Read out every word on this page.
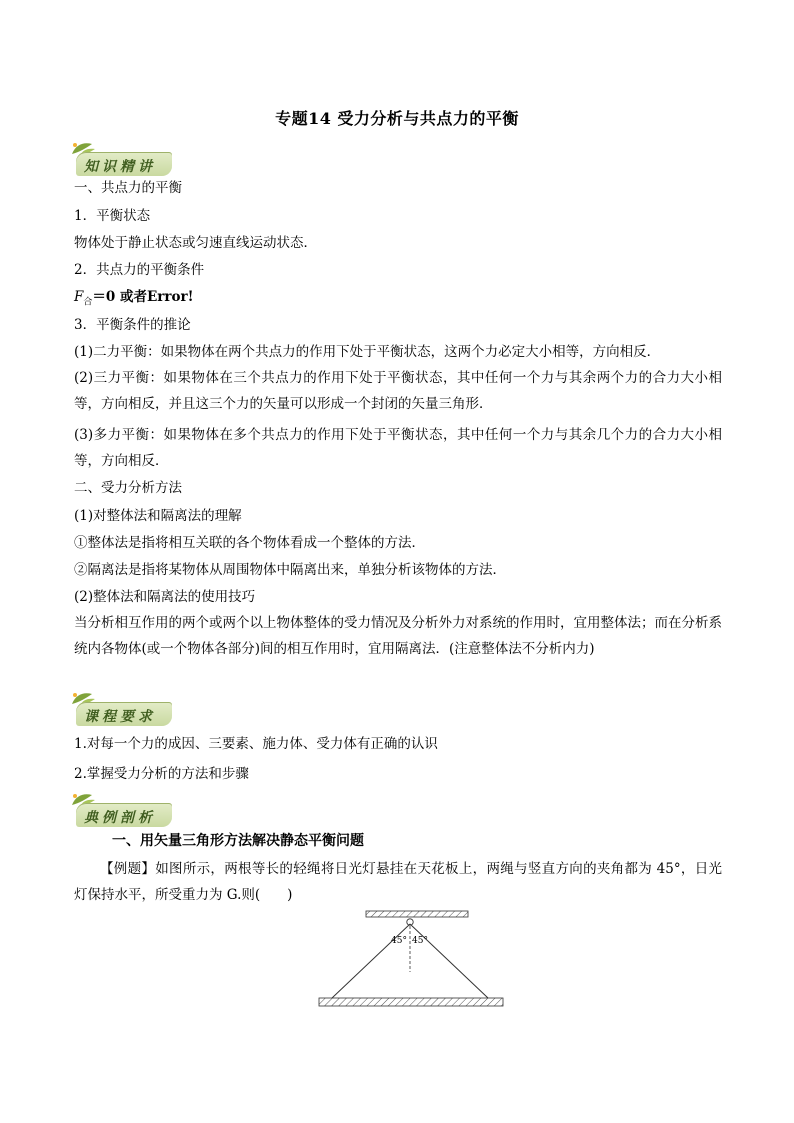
专题14 受力分析与共点力的平衡
知识精讲
一、共点力的平衡
1．平衡状态
物体处于静止状态或匀速直线运动状态．
2．共点力的平衡条件
$F_合=0$ 或者Error!
3．平衡条件的推论
(1)二力平衡：如果物体在两个共点力的作用下处于平衡状态，这两个力必定大小相等，方向相反．
(2)三力平衡：如果物体在三个共点力的作用下处于平衡状态，其中任何一个力与其余两个力的合力大小相等，方向相反，并且这三个力的矢量可以形成一个封闭的矢量三角形．
(3)多力平衡：如果物体在多个共点力的作用下处于平衡状态，其中任何一个力与其余几个力的合力大小相等，方向相反．
二、受力分析方法
(1)对整体法和隔离法的理解
①整体法是指将相互关联的各个物体看成一个整体的方法．
②隔离法是指将某物体从周围物体中隔离出来，单独分析该物体的方法．
(2)整体法和隔离法的使用技巧
当分析相互作用的两个或两个以上物体整体的受力情况及分析外力对系统的作用时，宜用整体法；而在分析系统内各物体(或一个物体各部分)间的相互作用时，宜用隔离法．(注意整体法不分析内力)
课程要求
1.对每一个力的成因、三要素、施力体、受力体有正确的认识
2.掌握受力分析的方法和步骤
典例剖析
一、用矢量三角形方法解决静态平衡问题
【例题】如图所示，两根等长的轻绳将日光灯悬挂在天花板上，两绳与竖直方向的夹角都为 45°，日光灯保持水平，所受重力为 G.则(　　)
45° 45°
